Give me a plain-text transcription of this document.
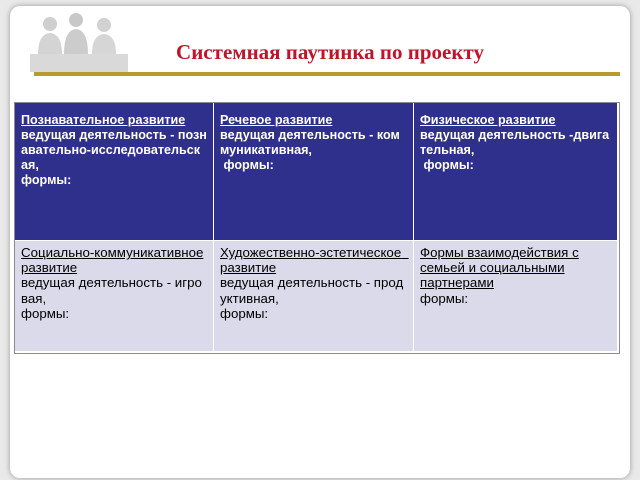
Системная паутинка по проекту
Познавательное развитие
ведущая деятельность - познавательно-исследовательская,
формы:
Речевое развитие
ведущая деятельность - коммуникативная,
формы:
Физическое развитие
ведущая деятельность -двигательная,
формы:
Социально-коммуникативное развитие
ведущая деятельность - игровая,
формы:
Художественно-эстетическое  развитие
ведущая деятельность - продуктивная,
формы:
Формы взаимодействия с семьей и социальными партнерами
формы:
